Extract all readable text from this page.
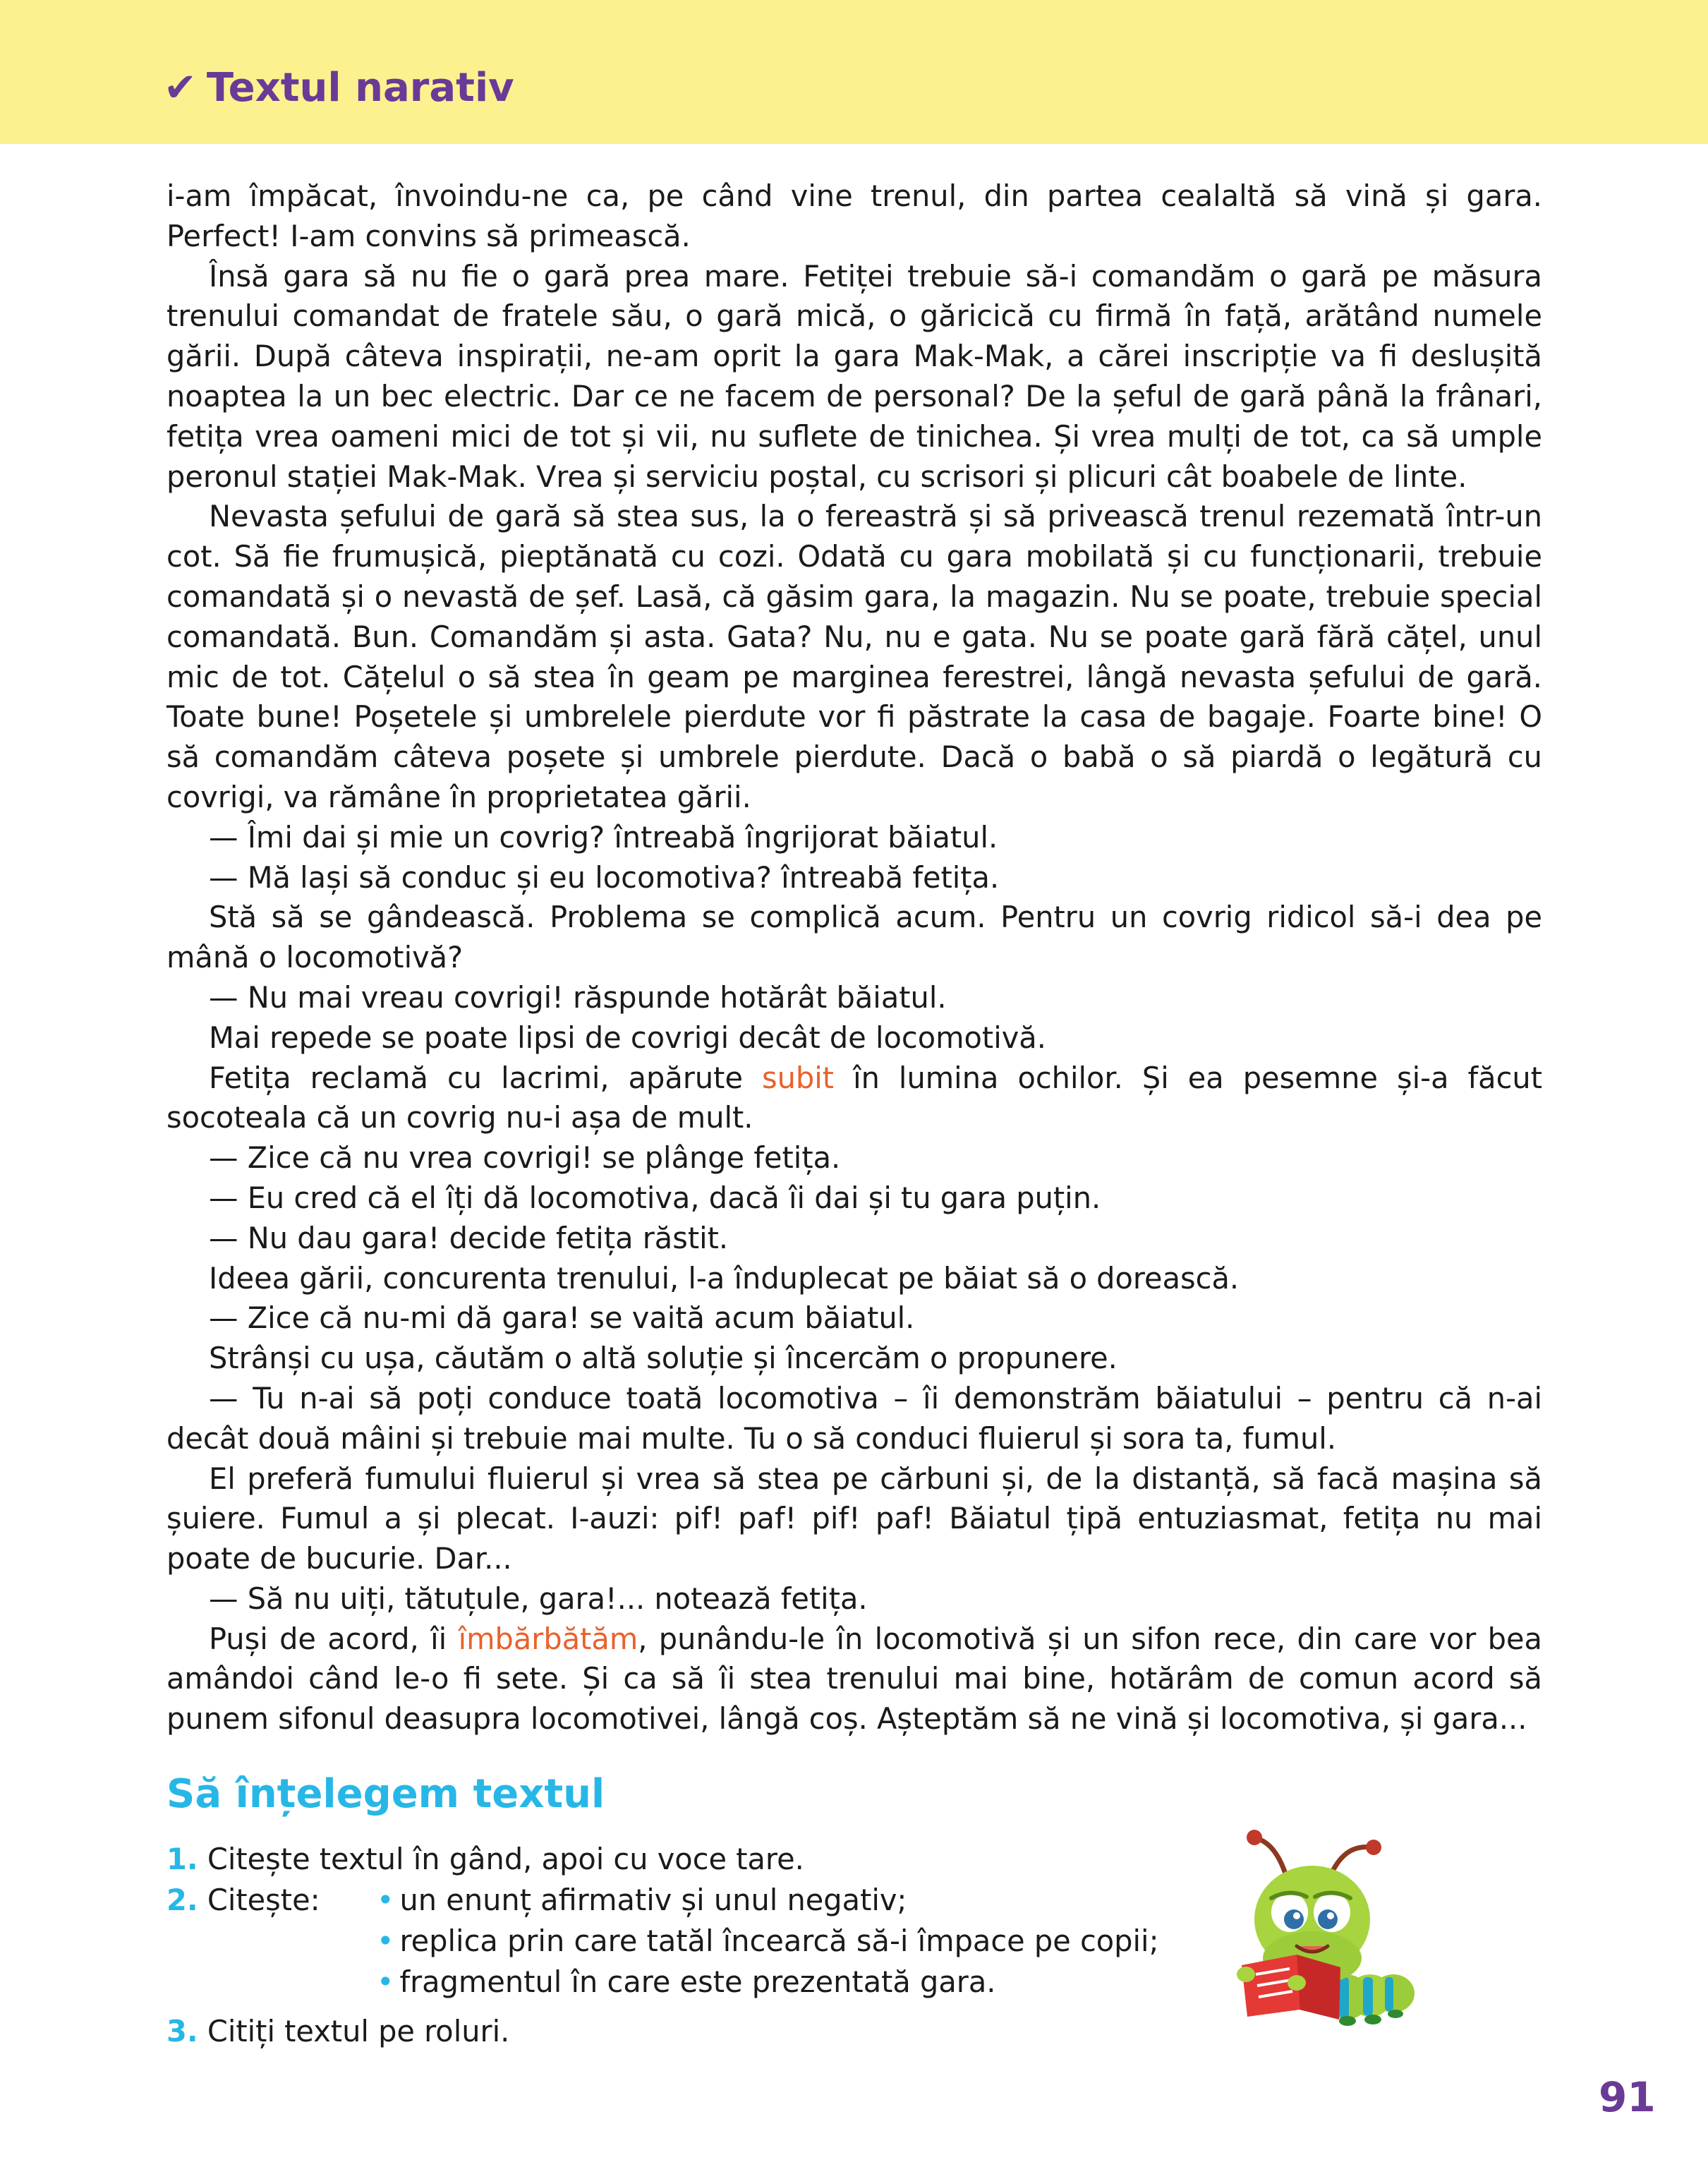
✔ Textul narativ

i-am împăcat, învoindu-ne ca, pe când vine trenul, din partea cealaltă să vină și gara. Perfect! I-am convins să primească.

Însă gara să nu fie o gară prea mare. Fetiței trebuie să-i comandăm o gară pe măsura trenului comandat de fratele său, o gară mică, o găricică cu firmă în față, arătând numele gării. După câteva inspirații, ne-am oprit la gara Mak-Mak, a cărei inscripție va fi deslușită noaptea la un bec electric. Dar ce ne facem de personal? De la șeful de gară până la frânari, fetița vrea oameni mici de tot și vii, nu suflete de tinichea. Și vrea mulți de tot, ca să umple peronul stației Mak-Mak. Vrea și serviciu poștal, cu scrisori și plicuri cât boabele de linte.

Nevasta șefului de gară să stea sus, la o fereastră și să privească trenul rezemată într-un cot. Să fie frumușică, pieptănată cu cozi. Odată cu gara mobilată și cu funcționarii, trebuie comandată și o nevastă de șef. Lasă, că găsim gara, la magazin. Nu se poate, trebuie special comandată. Bun. Comandăm și asta. Gata? Nu, nu e gata. Nu se poate gară fără cățel, unul mic de tot. Cățelul o să stea în geam pe marginea ferestrei, lângă nevasta șefului de gară. Toate bune! Poșetele și umbrelele pierdute vor fi păstrate la casa de bagaje. Foarte bine! O să comandăm câteva poșete și umbrele pierdute. Dacă o babă o să piardă o legătură cu covrigi, va rămâne în proprietatea gării.

— Îmi dai și mie un covrig? întreabă îngrijorat băiatul.

— Mă lași să conduc și eu locomotiva? întreabă fetița.

Stă să se gândească. Problema se complică acum. Pentru un covrig ridicol să-i dea pe mână o locomotivă?

— Nu mai vreau covrigi! răspunde hotărât băiatul.

Mai repede se poate lipsi de covrigi decât de locomotivă.

Fetița reclamă cu lacrimi, apărute subit în lumina ochilor. Și ea pesemne și-a făcut socoteala că un covrig nu-i așa de mult.

— Zice că nu vrea covrigi! se plânge fetița.

— Eu cred că el îți dă locomotiva, dacă îi dai și tu gara puțin.

— Nu dau gara! decide fetița răstit.

Ideea gării, concurenta trenului, l-a înduplecat pe băiat să o dorească.

— Zice că nu-mi dă gara! se vaită acum băiatul.

Strânși cu ușa, căutăm o altă soluție și încercăm o propunere.

— Tu n-ai să poți conduce toată locomotiva – îi demonstrăm băiatului – pentru că n-ai decât două mâini și trebuie mai multe. Tu o să conduci fluierul și sora ta, fumul.

El preferă fumului fluierul și vrea să stea pe cărbuni și, de la distanță, să facă mașina să șuiere. Fumul a și plecat. I-auzi: pif! paf! pif! paf! Băiatul țipă entuziasmat, fetița nu mai poate de bucurie. Dar...

— Să nu uiți, tătuțule, gara!... notează fetița.

Puși de acord, îi îmbărbătăm, punându-le în locomotivă și un sifon rece, din care vor bea amândoi când le-o fi sete. Și ca să îi stea trenului mai bine, hotărâm de comun acord să punem sifonul deasupra locomotivei, lângă coș. Așteptăm să ne vină și locomotiva, și gara...

Să înțelegem textul
1. Citește textul în gând, apoi cu voce tare.
2. Citește: • un enunț afirmativ și unul negativ;
• replica prin care tatăl încearcă să-i împace pe copii;
• fragmentul în care este prezentată gara.
3. Citiți textul pe roluri.
91
